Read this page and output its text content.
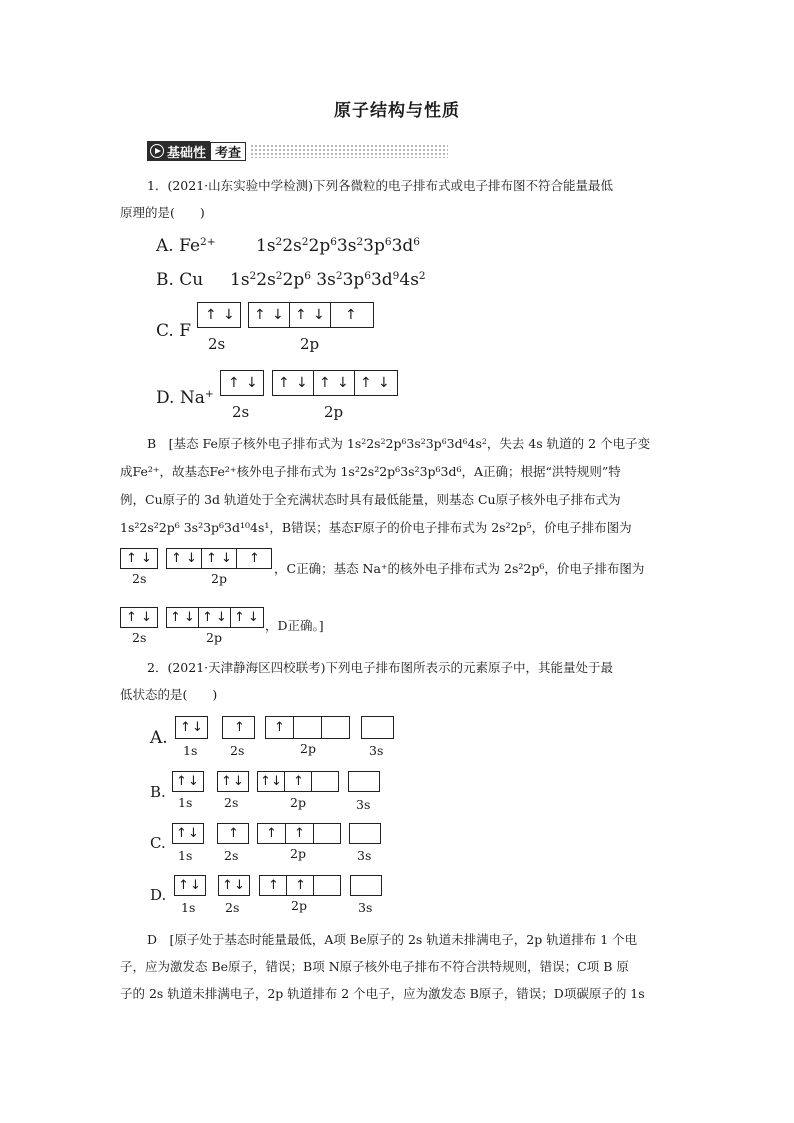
原子结构与性质
基础性 考查
1．(2021·山东实验中学检测)下列各微粒的电子排布式或电子排布图不符合能量最低
原理的是(　　)
A. $Fe^{2+}$ $1s^22s^22p^63s^23p^63d^6$
B. Cu $1s^22s^22p^6$ $3s^23p^63d^94s^2$
C. F
↑ ↓ ↑ ↓ ↑ ↓ ↑
2s	2p
D. Na+
↑ ↓ ↑ ↓ ↑ ↓ ↑ ↓
2s	2p
B　[基态 Fe原子核外电子排布式为 $1s^22s^22p^63s^23p^63d^64s^2$，失去 4s 轨道的 2 个电子变
成Fe²⁺，故基态Fe²⁺核外电子排布式为 1s²2s²2p⁶3s²3p⁶3d⁶，A正确；根据“洪特规则”特
例，Cu原子的 3d 轨道处于全充满状态时具有最低能量，则基态 Cu原子核外电子排布式为
1s²2s²2p⁶ 3s²3p⁶3d¹⁰4s¹，B错误；基态F原子的价电子排布式为 2s²2p⁵，价电子排布图为
↑ ↓ ↑ ↓ ↑ ↓ ↑
2s	2p
，C正确；基态 Na⁺的核外电子排布式为 2s²2p⁶，价电子排布图为
↑ ↓ ↑ ↓ ↑ ↓ ↑ ↓
2s	2p
，D正确。]
2．(2021·天津静海区四校联考)下列电子排布图所表示的元素原子中，其能量处于最
低状态的是(　　)
A.
↑ ↓ ↑ ↑
1s	2s	2p	3s
B.
↑ ↓ ↑ ↓ ↑ ↓ ↑
1s	2s	2p	3s
C.
↑ ↓ ↑ ↑ ↑
1s	2s	2p	3s
D.
↑ ↓ ↑ ↓ ↑ ↑
1s 2s	2p	3s
D　[原子处于基态时能量最低，A项 Be原子的 2s 轨道未排满电子，2p 轨道排布 1 个电
子，应为激发态 Be原子，错误；B项 N原子核外电子排布不符合洪特规则，错误；C项 B 原
子的 2s 轨道未排满电子，2p 轨道排布 2 个电子，应为激发态 B原子，错误；D项碳原子的 1s
